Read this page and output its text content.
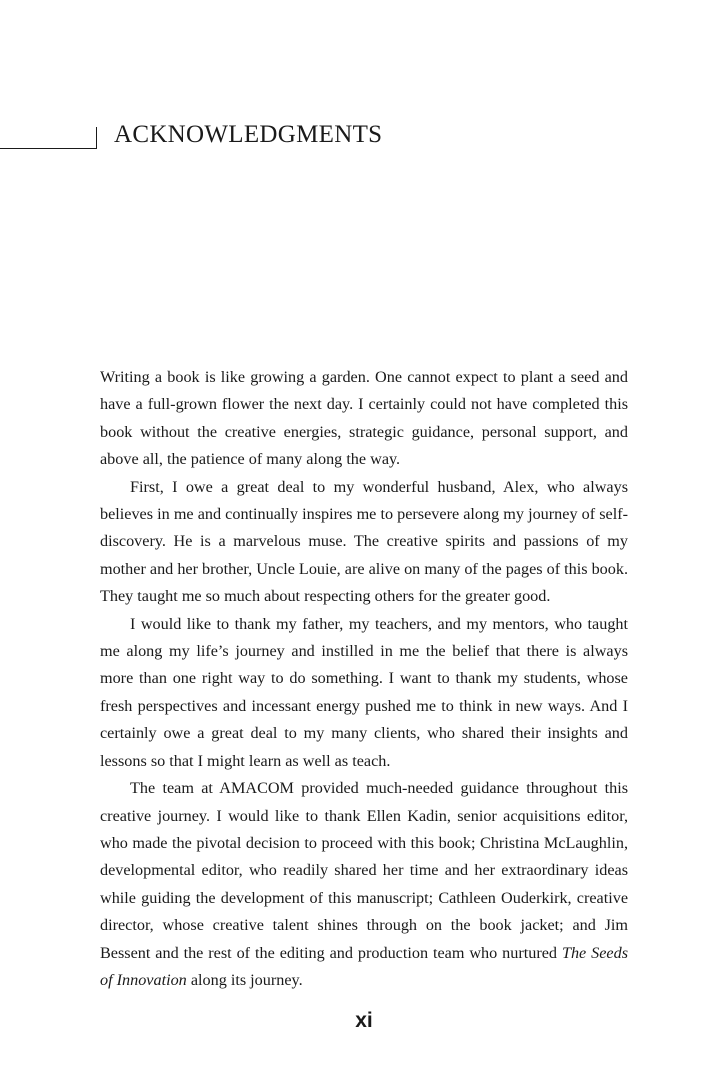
ACKNOWLEDGMENTS

Writing a book is like growing a garden. One cannot expect to plant a seed and have a full-grown flower the next day. I certainly could not have completed this book without the creative energies, strategic guidance, personal support, and above all, the patience of many along the way.

First, I owe a great deal to my wonderful husband, Alex, who always believes in me and continually inspires me to persevere along my journey of self-discovery. He is a marvelous muse. The creative spirits and passions of my mother and her brother, Uncle Louie, are alive on many of the pages of this book. They taught me so much about respecting others for the greater good.

I would like to thank my father, my teachers, and my mentors, who taught me along my life’s journey and instilled in me the belief that there is always more than one right way to do something. I want to thank my students, whose fresh perspectives and incessant energy pushed me to think in new ways. And I certainly owe a great deal to my many clients, who shared their insights and lessons so that I might learn as well as teach.

The team at AMACOM provided much-needed guidance throughout this creative journey. I would like to thank Ellen Kadin, senior acquisitions editor, who made the pivotal decision to proceed with this book; Christina McLaughlin, developmental editor, who readily shared her time and her extraordinary ideas while guiding the development of this manuscript; Cathleen Ouderkirk, creative director, whose creative talent shines through on the book jacket; and Jim Bessent and the rest of the editing and production team who nurtured The Seeds of Innovation along its journey.

xi
